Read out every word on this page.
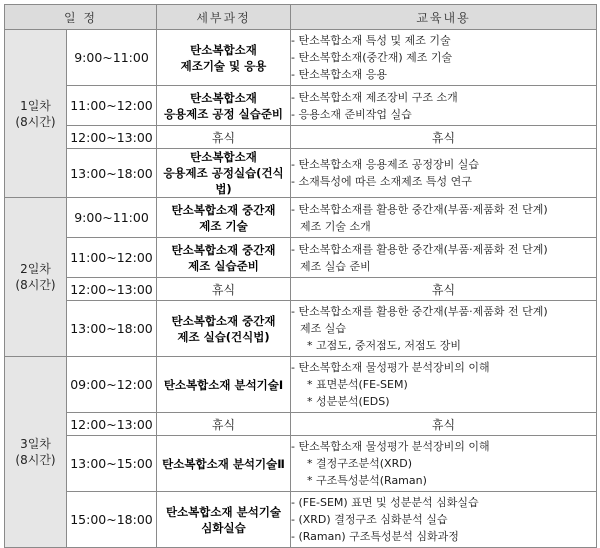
일 정		세부과정	교육내용

1일차
(8시간)	9:00~11:00	탄소복합소재
제조기술 및 응용	- 탄소복합소재 특성 및 제조 기술
- 탄소복합소재(중간재) 제조 기술
- 탄소복합소재 응용

	11:00~12:00	탄소복합소재
응용제조 공정 실습준비	- 탄소복합소재 제조장비 구조 소개
- 응용소재 준비작업 실습

	12:00~13:00	휴식	휴식
	13:00~18:00	탄소복합소재
응용제조 공정실습(건식법)	- 탄소복합소재 응용제조 공정장비 실습
- 소재특성에 따른 소재제조 특성 연구

2일차
(8시간)	9:00~11:00	탄소복합소재 중간재
제조 기술	- 탄소복합소재를 활용한 중간재(부품·제품화 전 단계)
제조 기술 소개

	11:00~12:00	탄소복합소재 중간재
제조 실습준비	- 탄소복합소재를 활용한 중간재(부품·제품화 전 단계)
제조 실습 준비

	12:00~13:00	휴식	휴식
	13:00~18:00	탄소복합소재 중간재
제조 실습(건식법)	- 탄소복합소재를 활용한 중간재(부품·제품화 전 단계)
제조 실습
* 고점도, 중저점도, 저점도 장비

3일차
(8시간)	09:00~12:00	탄소복합소재 분석기술Ⅰ	- 탄소복합소재 물성평가 분석장비의 이해
* 표면분석(FE-SEM)
* 성분분석(EDS)

	12:00~13:00	휴식	휴식
	13:00~15:00	탄소복합소재 분석기술Ⅱ	- 탄소복합소재 물성평가 분석장비의 이해
* 결정구조분석(XRD)
* 구조특성분석(Raman)

	15:00~18:00	탄소복합소재 분석기술
심화실습	- (FE-SEM) 표면 및 성분분석 심화실습
- (XRD) 결정구조 심화분석 실습
- (Raman) 구조특성분석 심화과정
